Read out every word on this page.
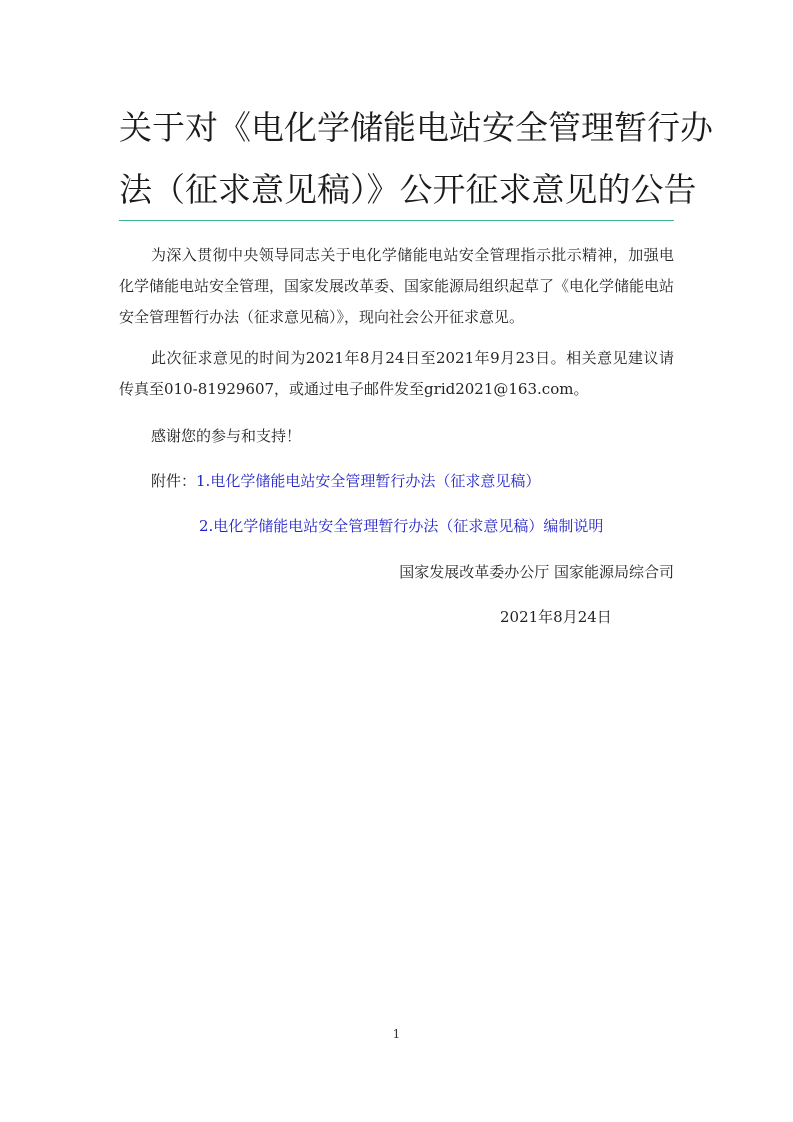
关于对《电化学储能电站安全管理暂行办
法（征求意见稿）》公开征求意见的公告
为深入贯彻中央领导同志关于电化学储能电站安全管理指示批示精神，加强电化学储能电站安全管理，国家发展改革委、国家能源局组织起草了《电化学储能电站安全管理暂行办法（征求意见稿）》，现向社会公开征求意见。
此次征求意见的时间为2021年8月24日至2021年9月23日。相关意见建议请传真至010-81929607，或通过电子邮件发至grid2021@163.com。
感谢您的参与和支持！
附件：1.电化学储能电站安全管理暂行办法（征求意见稿）
2.电化学储能电站安全管理暂行办法（征求意见稿）编制说明
国家发展改革委办公厅 国家能源局综合司
2021年8月24日
1
